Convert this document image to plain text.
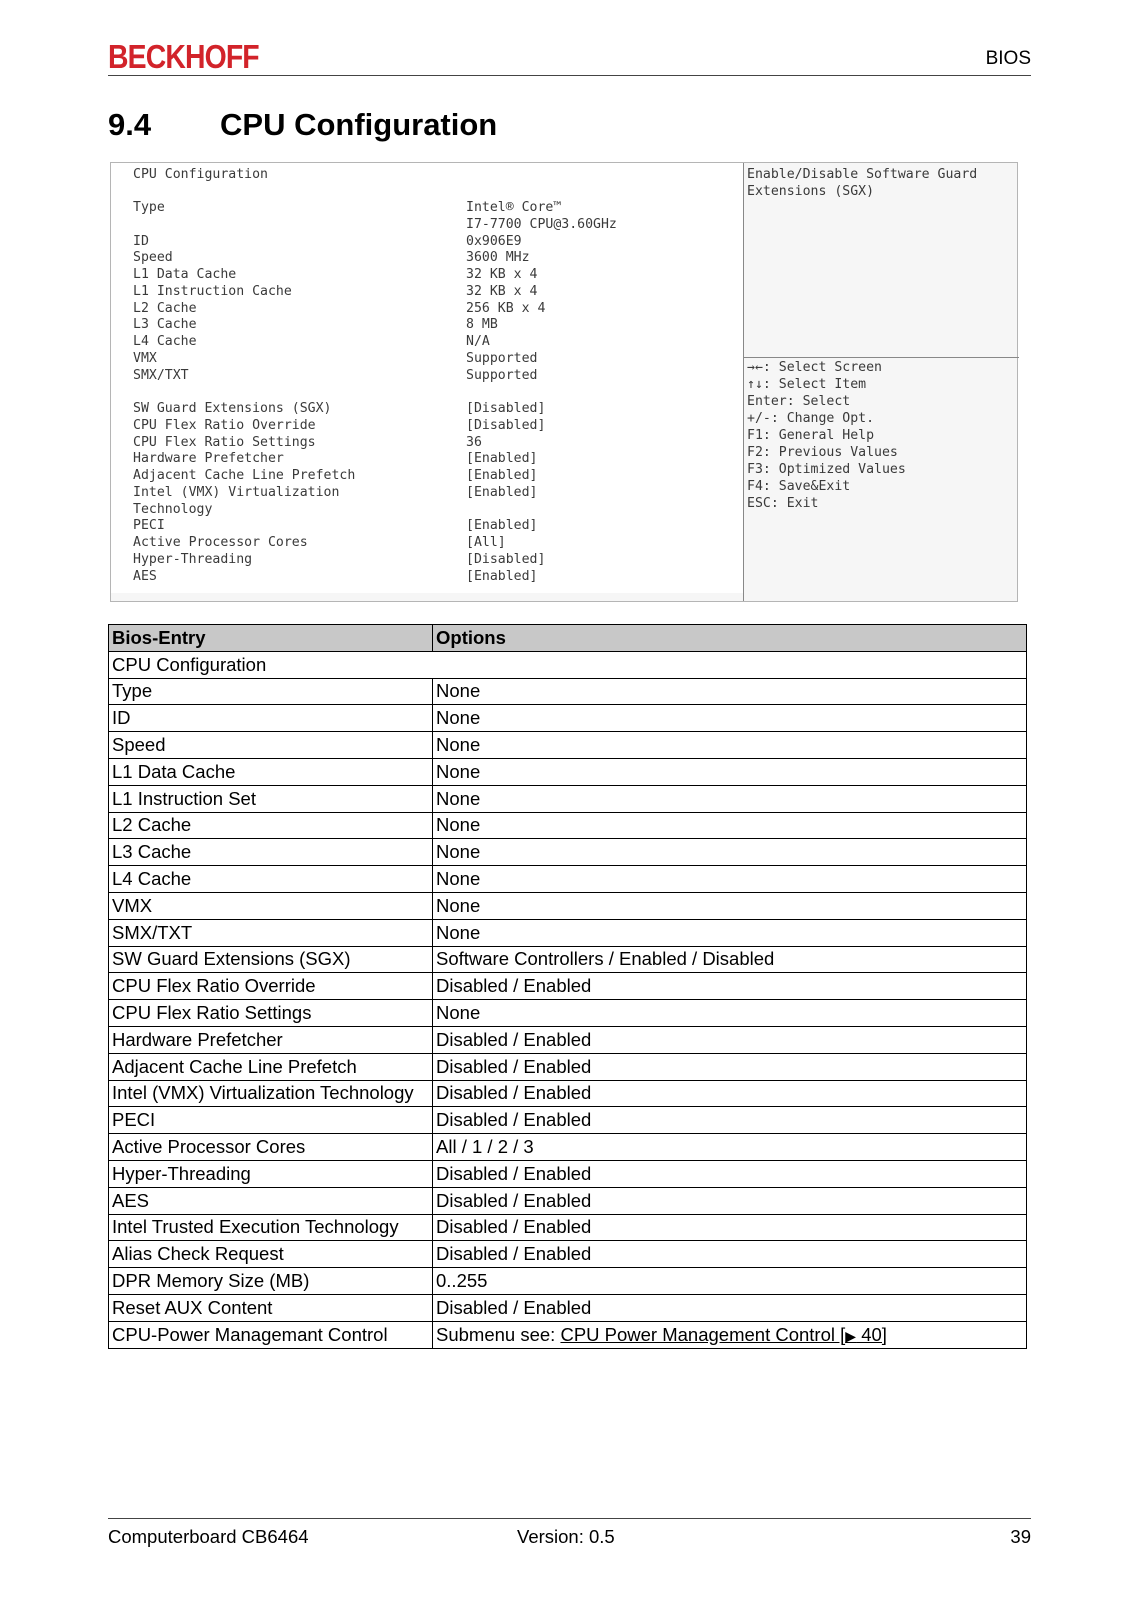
BECKHOFF	BIOS
9.4 CPU Configuration
CPU Configuration
Type	Intel® Core™
I7-7700 CPU@3.60GHz
ID	0x906E9
Speed	3600 MHz
L1 Data Cache	32 KB x 4
L1 Instruction Cache	32 KB x 4
L2 Cache	256 KB x 4
L3 Cache	8 MB
L4 Cache	N/A
VMX	Supported
SMX/TXT	Supported
SW Guard Extensions (SGX)	[Disabled]
CPU Flex Ratio Override	[Disabled]
CPU Flex Ratio Settings	36
Hardware Prefetcher	[Enabled]
Adjacent Cache Line Prefetch	[Enabled]
Intel (VMX) Virtualization	[Enabled]
Technology
PECI	[Enabled]
Active Processor Cores	[All]
Hyper-Threading	[Disabled]
AES	[Enabled]
Enable/Disable Software Guard
Extensions (SGX)
→←: Select Screen
↑↓: Select Item
Enter: Select
+/-: Change Opt.
F1: General Help
F2: Previous Values
F3: Optimized Values
F4: Save&Exit
ESC: Exit
Bios-Entry	Options
CPU Configuration	
Type	None
ID	None
Speed	None
L1 Data Cache	None
L1 Instruction Set	None
L2 Cache	None
L3 Cache	None
L4 Cache	None
VMX	None
SMX/TXT	None
SW Guard Extensions (SGX)	Software Controllers / Enabled / Disabled
CPU Flex Ratio Override	Disabled / Enabled
CPU Flex Ratio Settings	None
Hardware Prefetcher	Disabled / Enabled
Adjacent Cache Line Prefetch	Disabled / Enabled
Intel (VMX) Virtualization Technology	Disabled / Enabled
PECI	Disabled / Enabled
Active Processor Cores	All / 1 / 2 / 3
Hyper-Threading	Disabled / Enabled
AES	Disabled / Enabled
Intel Trusted Execution Technology	Disabled / Enabled
Alias Check Request	Disabled / Enabled
DPR Memory Size (MB)	0..255
Reset AUX Content	Disabled / Enabled
CPU-Power Managemant Control	Submenu see: CPU Power Management Control [▶ 40]
Computerboard CB6464	Version: 0.5	39
